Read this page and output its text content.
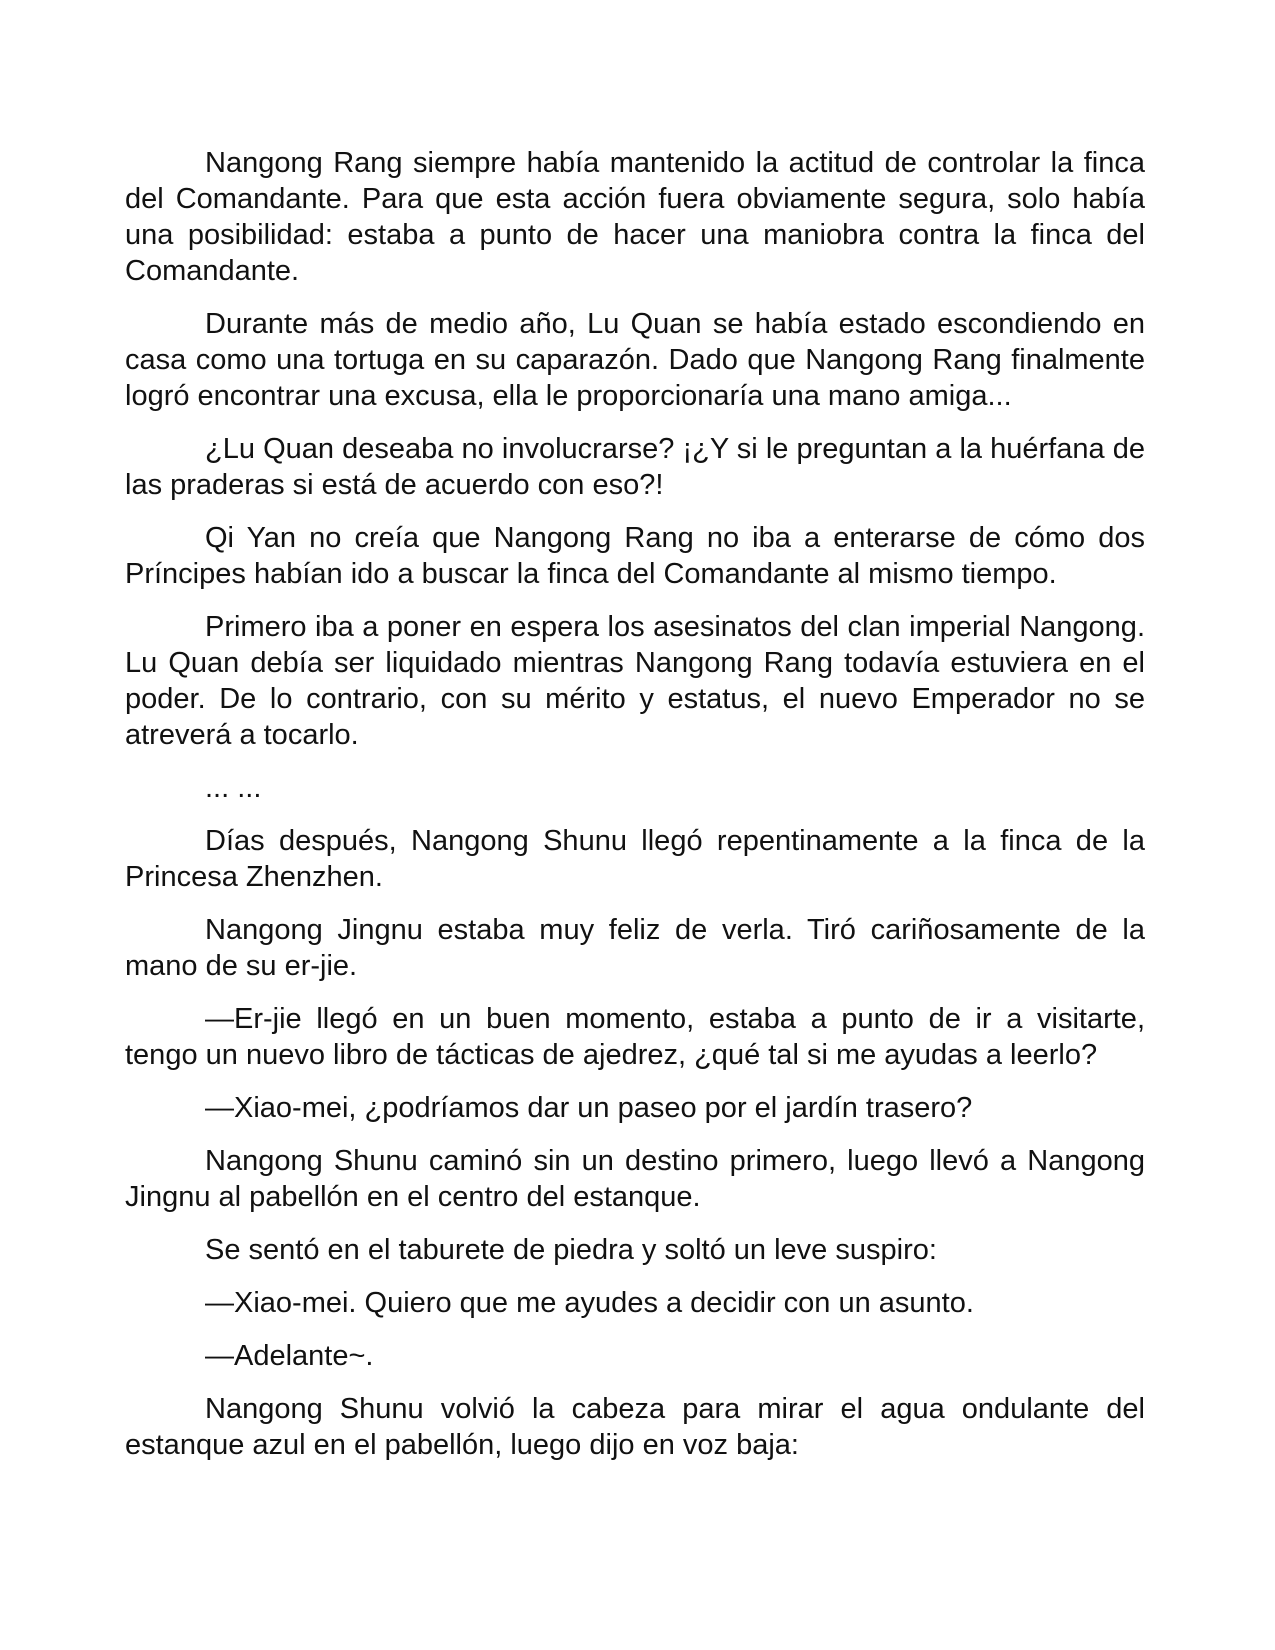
Nangong Rang siempre había mantenido la actitud de controlar la finca del Comandante. Para que esta acción fuera obviamente segura, solo había una posibilidad: estaba a punto de hacer una maniobra contra la finca del Comandante.

Durante más de medio año, Lu Quan se había estado escondiendo en casa como una tortuga en su caparazón. Dado que Nangong Rang finalmente logró encontrar una excusa, ella le proporcionaría una mano amiga...

¿Lu Quan deseaba no involucrarse? ¡¿Y si le preguntan a la huérfana de las praderas si está de acuerdo con eso?!

Qi Yan no creía que Nangong Rang no iba a enterarse de cómo dos Príncipes habían ido a buscar la finca del Comandante al mismo tiempo.

Primero iba a poner en espera los asesinatos del clan imperial Nangong. Lu Quan debía ser liquidado mientras Nangong Rang todavía estuviera en el poder. De lo contrario, con su mérito y estatus, el nuevo Emperador no se atreverá a tocarlo.

... ...

Días después, Nangong Shunu llegó repentinamente a la finca de la Princesa Zhenzhen.

Nangong Jingnu estaba muy feliz de verla. Tiró cariñosamente de la mano de su er-jie.

—Er-jie llegó en un buen momento, estaba a punto de ir a visitarte, tengo un nuevo libro de tácticas de ajedrez, ¿qué tal si me ayudas a leerlo?

—Xiao-mei, ¿podríamos dar un paseo por el jardín trasero?

Nangong Shunu caminó sin un destino primero, luego llevó a Nangong Jingnu al pabellón en el centro del estanque.

Se sentó en el taburete de piedra y soltó un leve suspiro:

—Xiao-mei. Quiero que me ayudes a decidir con un asunto.

—Adelante~.

Nangong Shunu volvió la cabeza para mirar el agua ondulante del estanque azul en el pabellón, luego dijo en voz baja:
